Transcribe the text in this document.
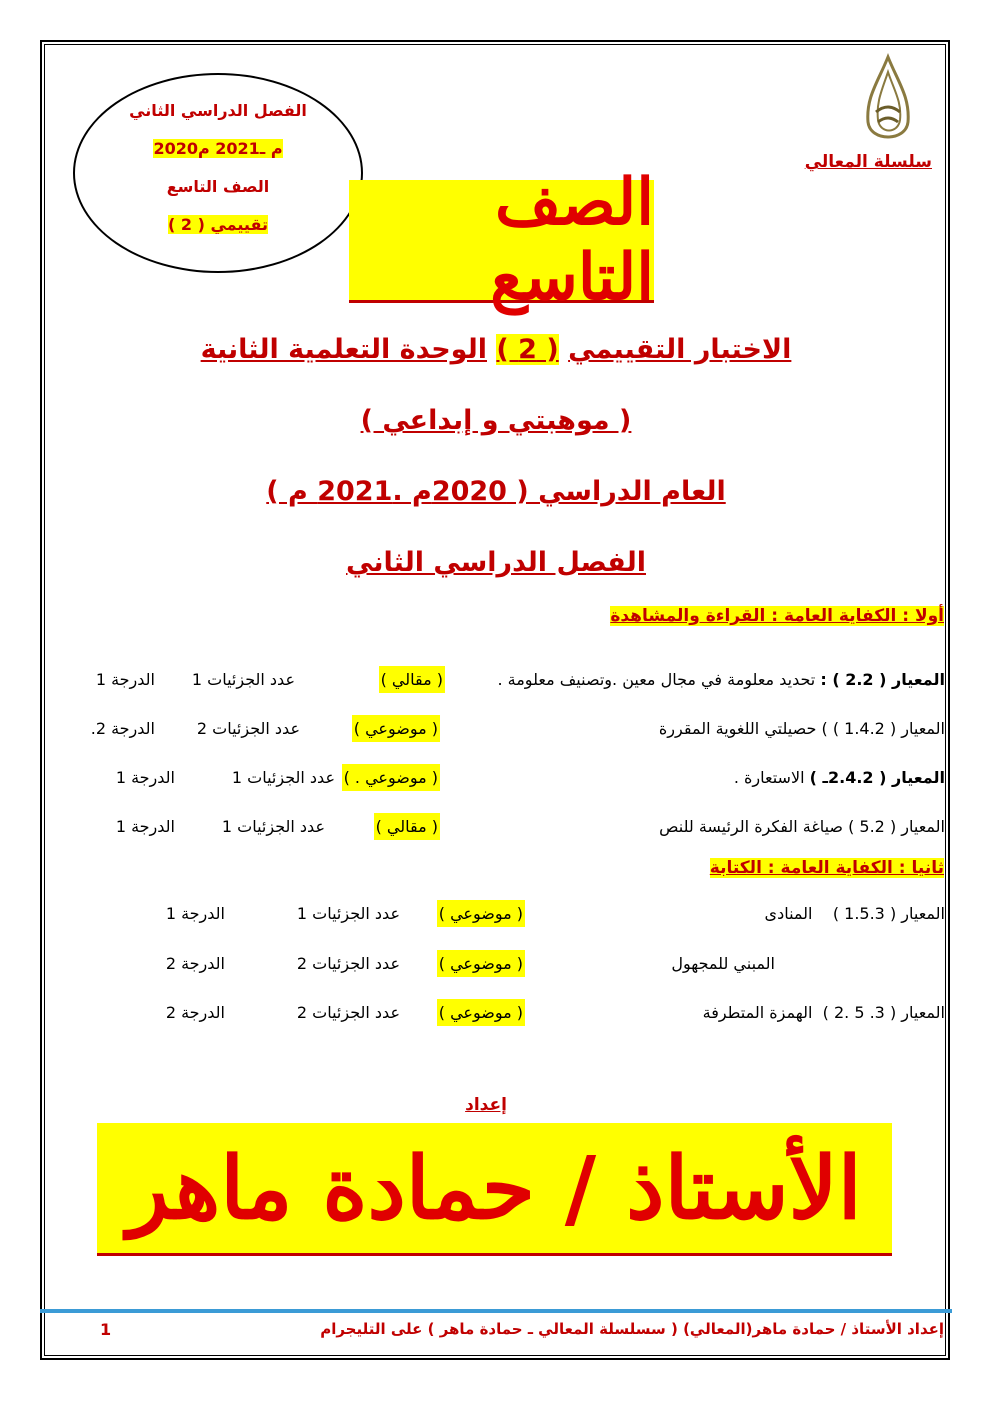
الفصل الدراسي الثاني
2020م ـ2021 م
الصف التاسع
تقييمي ( 2 )
سلسلة المعالي
الصف التاسع
الاختبار التقييمي ( 2 ) الوحدة التعلمية الثانية
( موهبتي و إبداعي )
العام الدراسي ( 2020م .2021 م )
الفصل الدراسي الثاني
أولا : الكفاية العامة : القراءة والمشاهدة
المعيار ( 2.2 ) : تحديد معلومة في مجال معين .وتصنيف معلومة .
( مقالي )
عدد الجزئيات 1
الدرجة 1
المعيار ( 1.4.2 ) ) حصيلتي اللغوية المقررة
( موضوعي )
عدد الجزئيات 2
الدرجة 2.
المعيار ( 2.4.2ـ ) الاستعارة .
( موضوعي . )
عدد الجزئيات 1
الدرجة 1
المعيار ( 5.2 ) صياغة الفكرة الرئيسة للنص
( مقالي )
عدد الجزئيات 1
الدرجة 1
ثانيا : الكفاية العامة : الكتابة
المعيار ( 1.5.3 )    المنادى
( موضوعي )
عدد الجزئيات 1
الدرجة 1
المبني للمجهول
( موضوعي )
عدد الجزئيات 2
الدرجة 2
المعيار ( 3. 5 .2 )  الهمزة المتطرفة
( موضوعي )
عدد الجزئيات 2
الدرجة 2
إعداد
الأستاذ / حمادة ماهر
إعداد الأستاذ / حمادة ماهر(المعالي) ( سسلسلة المعالي ـ حمادة ماهر ) على التليجرام
1
